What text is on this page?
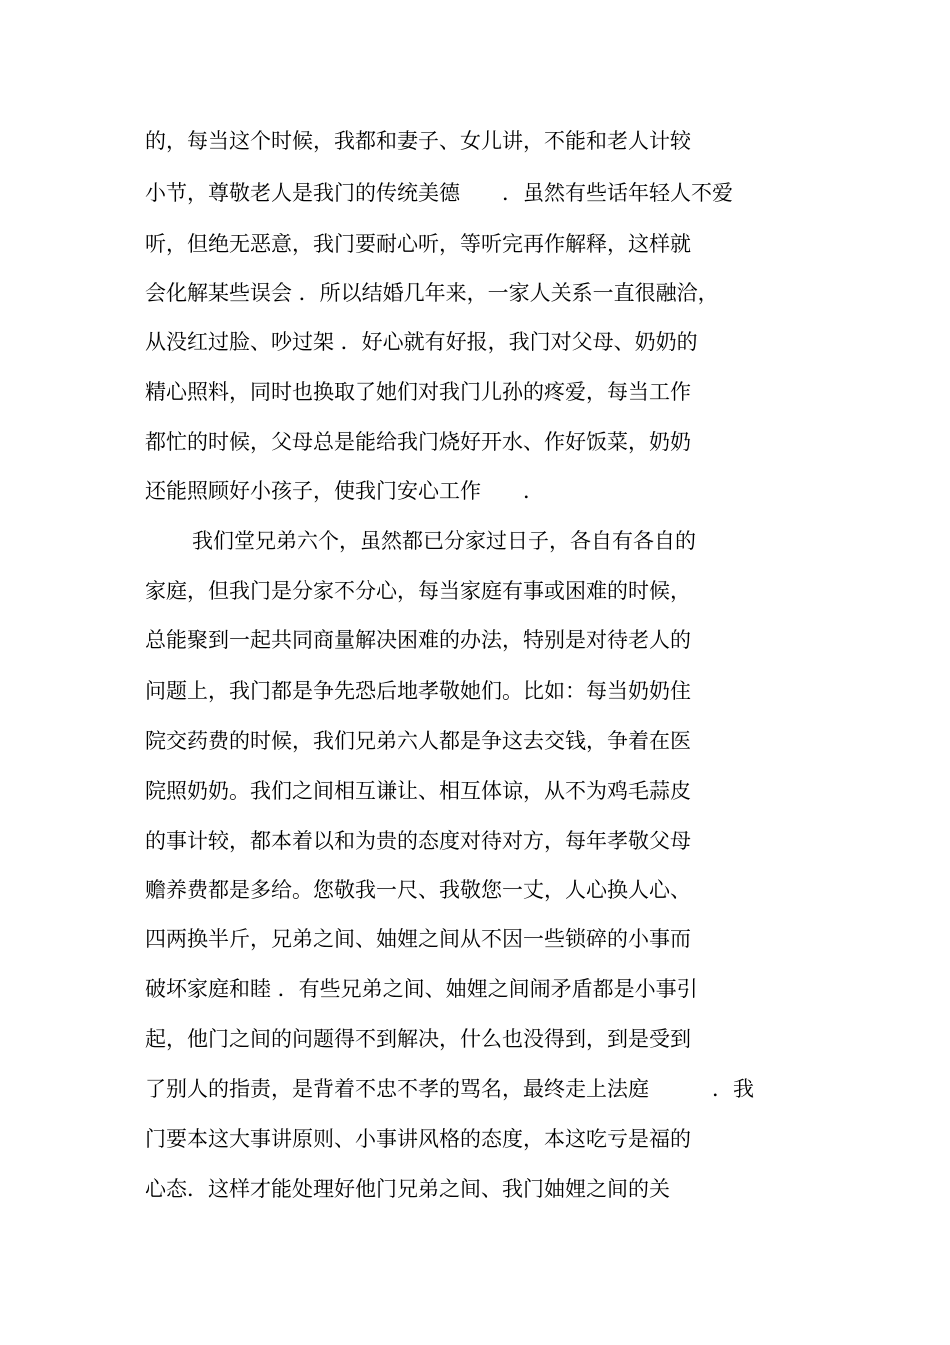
的，每当这个时候，我都和妻子、女儿讲，不能和老人计较
小节，尊敬老人是我门的传统美德　　．虽然有些话年轻人不爱
听，但绝无恶意，我门要耐心听，等听完再作解释，这样就
会化解某些误会 ．所以结婚几年来，一家人关系一直很融洽，
从没红过脸、吵过架 ．好心就有好报，我门对父母、奶奶的
精心照料，同时也换取了她们对我门儿孙的疼爱，每当工作
都忙的时候，父母总是能给我门烧好开水、作好饭菜，奶奶
还能照顾好小孩子，使我门安心工作　　．
我们堂兄弟六个，虽然都已分家过日子，各自有各自的
家庭，但我门是分家不分心，每当家庭有事或困难的时候，
总能聚到一起共同商量解决困难的办法，特别是对待老人的
问题上，我门都是争先恐后地孝敬她们。比如：每当奶奶住
院交药费的时候，我们兄弟六人都是争这去交钱，争着在医
院照奶奶。我们之间相互谦让、相互体谅，从不为鸡毛蒜皮
的事计较，都本着以和为贵的态度对待对方，每年孝敬父母
赡养费都是多给。您敬我一尺、我敬您一丈，人心换人心、
四两换半斤，兄弟之间、妯娌之间从不因一些锁碎的小事而
破坏家庭和睦 ．有些兄弟之间、妯娌之间闹矛盾都是小事引
起，他门之间的问题得不到解决，什么也没得到，到是受到
了别人的指责，是背着不忠不孝的骂名，最终走上法庭　　　．我
门要本这大事讲原则、小事讲风格的态度，本这吃亏是福的
心态．这样才能处理好他门兄弟之间、我门妯娌之间的关
